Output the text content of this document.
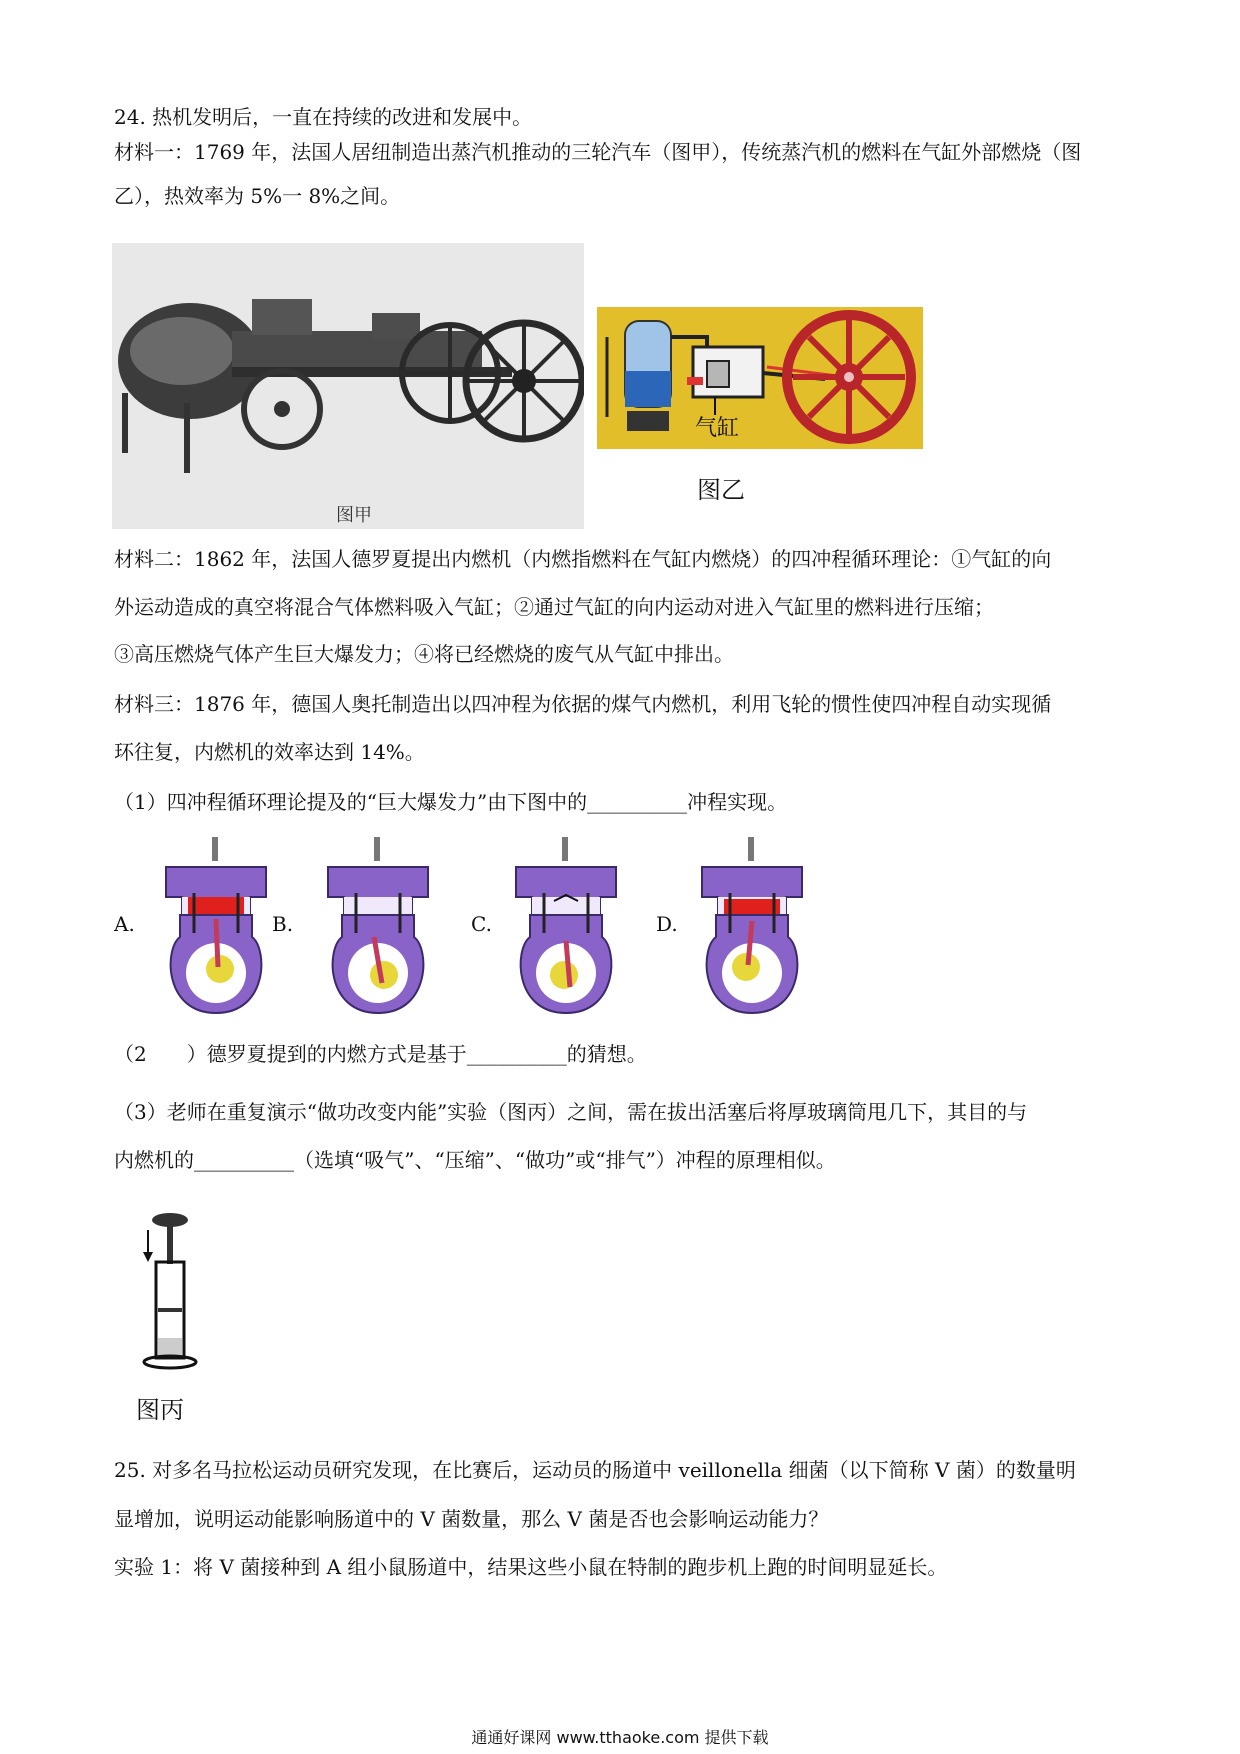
24. 热机发明后，一直在持续的改进和发展中。
材料一：1769 年，法国人居纽制造出蒸汽机推动的三轮汽车（图甲），传统蒸汽机的燃料在气缸外部燃烧（图
乙），热效率为 5%一 8%之间。
图甲
气缸
图乙
材料二：1862 年，法国人德罗夏提出内燃机（内燃指燃料在气缸内燃烧）的四冲程循环理论：①气缸的向
外运动造成的真空将混合气体燃料吸入气缸；②通过气缸的向内运动对进入气缸里的燃料进行压缩；
③高压燃烧气体产生巨大爆发力；④将已经燃烧的废气从气缸中排出。
材料三：1876 年，德国人奥托制造出以四冲程为依据的煤气内燃机，利用飞轮的惯性使四冲程自动实现循
环往复，内燃机的效率达到 14%。
（1）四冲程循环理论提及的“巨大爆发力”由下图中的__________冲程实现。
A.	B.	C.	D.
（2　　）德罗夏提到的内燃方式是基于__________的猜想。
（3）老师在重复演示“做功改变内能”实验（图丙）之间，需在拔出活塞后将厚玻璃筒甩几下，其目的与
内燃机的__________（选填“吸气”、“压缩”、“做功”或“排气”）冲程的原理相似。
图丙
25. 对多名马拉松运动员研究发现，在比赛后，运动员的肠道中 veillonella 细菌（以下简称 V 菌）的数量明
显增加，说明运动能影响肠道中的 V 菌数量，那么 V 菌是否也会影响运动能力？
实验 1：将 V 菌接种到 A 组小鼠肠道中，结果这些小鼠在特制的跑步机上跑的时间明显延长。
通通好课网 www.tthaoke.com 提供下载
